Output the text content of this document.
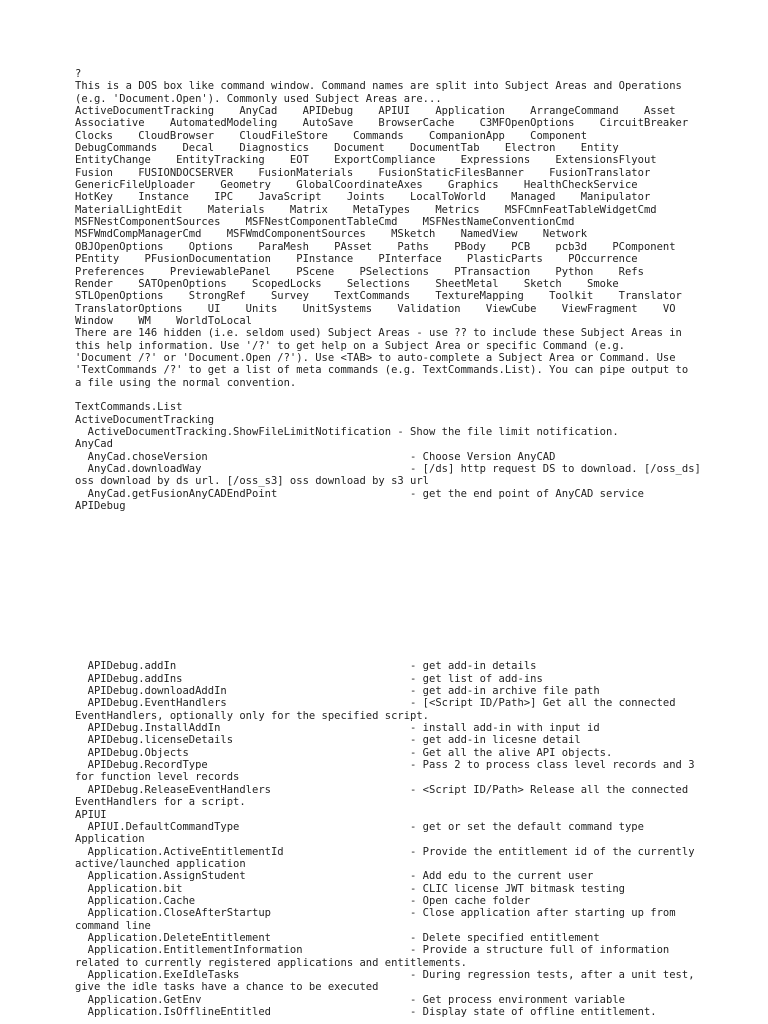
?
This is a DOS box like command window. Command names are split into Subject Areas and Operations
(e.g. 'Document.Open'). Commonly used Subject Areas are...
ActiveDocumentTracking    AnyCad    APIDebug    APIUI    Application    ArrangeCommand    Asset
Associative    AutomatedModeling    AutoSave    BrowserCache    C3MFOpenOptions    CircuitBreaker
Clocks    CloudBrowser    CloudFileStore    Commands    CompanionApp    Component
DebugCommands    Decal    Diagnostics    Document    DocumentTab    Electron    Entity
EntityChange    EntityTracking    EOT    ExportCompliance    Expressions    ExtensionsFlyout
Fusion    FUSIONDOCSERVER    FusionMaterials    FusionStaticFilesBanner    FusionTranslator
GenericFileUploader    Geometry    GlobalCoordinateAxes    Graphics    HealthCheckService
HotKey    Instance    IPC    JavaScript    Joints    LocalToWorld    Managed    Manipulator
MaterialLightEdit    Materials    Matrix    MetaTypes    Metrics    MSFCmnFeatTableWidgetCmd
MSFNestComponentSources    MSFNestComponentTableCmd    MSFNestNameConventionCmd
MSFWmdCompManagerCmd    MSFWmdComponentSources    MSketch    NamedView    Network
OBJOpenOptions    Options    ParaMesh    PAsset    Paths    PBody    PCB    pcb3d    PComponent
PEntity    PFusionDocumentation    PInstance    PInterface    PlasticParts    POccurrence
Preferences    PreviewablePanel    PScene    PSelections    PTransaction    Python    Refs
Render    SATOpenOptions    ScopedLocks    Selections    SheetMetal    Sketch    Smoke
STLOpenOptions    StrongRef    Survey    TextCommands    TextureMapping    Toolkit    Translator
TranslatorOptions    UI    Units    UnitSystems    Validation    ViewCube    ViewFragment    VO
Window    WM    WorldToLocal
There are 146 hidden (i.e. seldom used) Subject Areas - use ?? to include these Subject Areas in
this help information. Use '/?' to get help on a Subject Area or specific Command (e.g.
'Document /?' or 'Document.Open /?'). Use <TAB> to auto-complete a Subject Area or Command. Use
'TextCommands /?' to get a list of meta commands (e.g. TextCommands.List). You can pipe output to
a file using the normal convention.
TextCommands.List
ActiveDocumentTracking
ActiveDocumentTracking.ShowFileLimitNotification - Show the file limit notification.
AnyCad
AnyCad.choseVersion                                - Choose Version AnyCAD
AnyCad.downloadWay                                 - [/ds] http request DS to download. [/oss_ds]
oss download by ds url. [/oss_s3] oss download by s3 url
AnyCad.getFusionAnyCADEndPoint                     - get the end point of AnyCAD service
APIDebug
APIDebug.addIn                                     - get add-in details
APIDebug.addIns                                    - get list of add-ins
APIDebug.downloadAddIn                             - get add-in archive file path
APIDebug.EventHandlers                             - [<Script ID/Path>] Get all the connected
EventHandlers, optionally only for the specified script.
APIDebug.InstallAddIn                              - install add-in with input id
APIDebug.licenseDetails                            - get add-in licesne detail
APIDebug.Objects                                   - Get all the alive API objects.
APIDebug.RecordType                                - Pass 2 to process class level records and 3
for function level records
APIDebug.ReleaseEventHandlers                      - <Script ID/Path> Release all the connected
EventHandlers for a script.
APIUI
APIUI.DefaultCommandType                           - get or set the default command type
Application
Application.ActiveEntitlementId                    - Provide the entitlement id of the currently
active/launched application
Application.AssignStudent                          - Add edu to the current user
Application.bit                                    - CLIC license JWT bitmask testing
Application.Cache                                  - Open cache folder
Application.CloseAfterStartup                      - Close application after starting up from
command line
Application.DeleteEntitlement                      - Delete specified entitlement
Application.EntitlementInformation                 - Provide a structure full of information
related to currently registered applications and entitlements.
Application.ExeIdleTasks                           - During regression tests, after a unit test,
give the idle tasks have a chance to be executed
Application.GetEnv                                 - Get process environment variable
Application.IsOfflineEntitled                      - Display state of offline entitlement.
